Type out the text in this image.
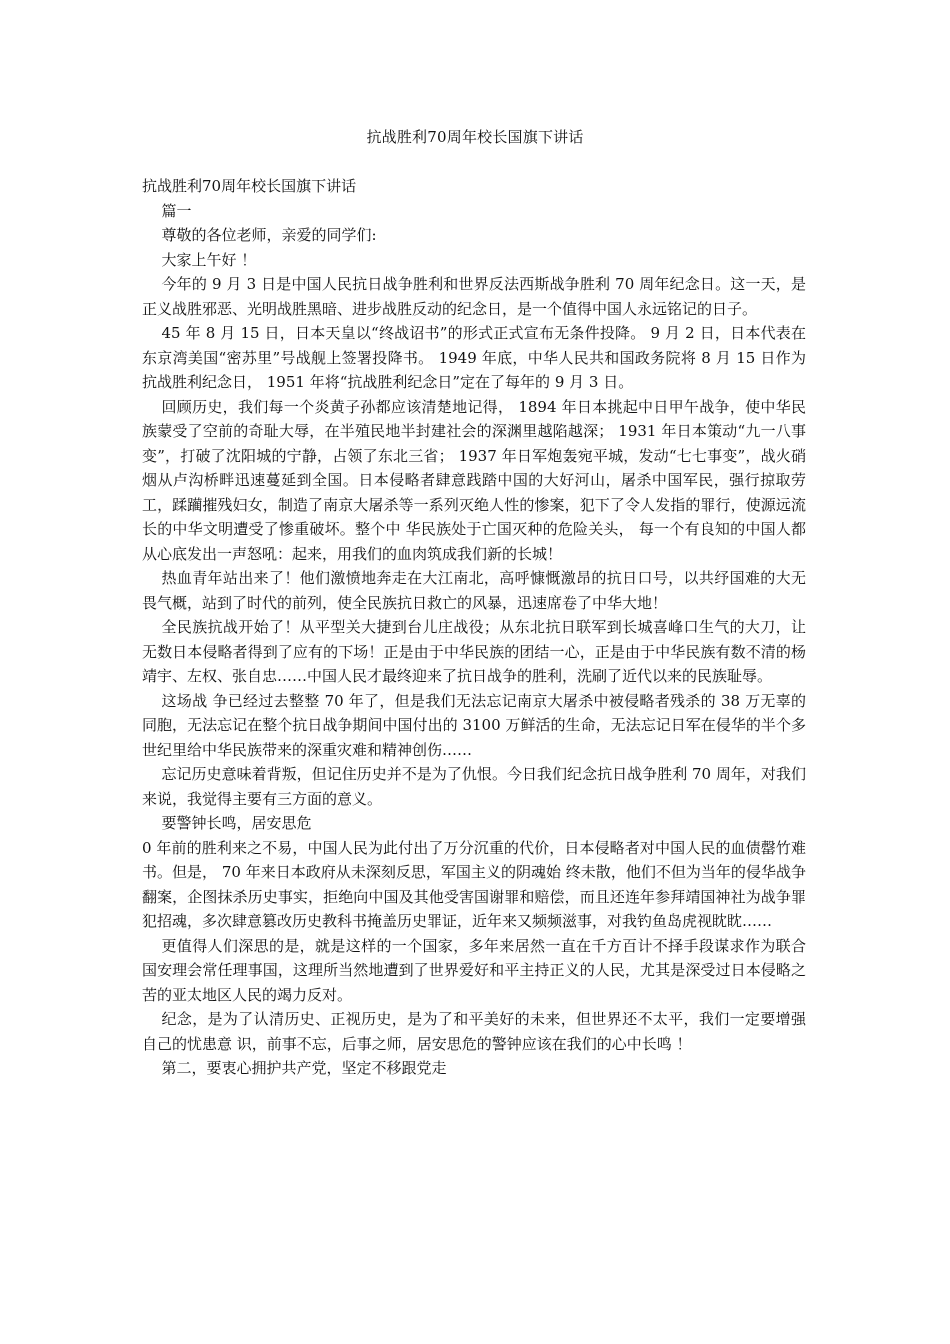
抗战胜利70周年校长国旗下讲话

抗战胜利70周年校长国旗下讲话

篇一

尊敬的各位老师，亲爱的同学们:

大家上午好 ！

今年的 9 月 3 日是中国人民抗日战争胜利和世界反法西斯战争胜利 70 周年纪念日。这一天，是正义战胜邪恶、光明战胜黑暗、进步战胜反动的纪念日，是一个值得中国人永远铭记的日子。

45 年 8 月 15 日，日本天皇以“终战诏书”的形式正式宣布无条件投降。 9 月 2 日，日本代表在东京湾美国“密苏里”号战舰上签署投降书。 1949 年底，中华人民共和国政务院将 8 月 15 日作为抗战胜利纪念日， 1951 年将“抗战胜利纪念日”定在了每年的 9 月 3 日。

回顾历史，我们每一个炎黄子孙都应该清楚地记得， 1894 年日本挑起中日甲午战争，使中华民族蒙受了空前的奇耻大辱，在半殖民地半封建社会的深渊里越陷越深； 1931 年日本策动“九一八事变”，打破了沈阳城的宁静，占领了东北三省； 1937 年日军炮轰宛平城，发动“七七事变”，战火硝烟从卢沟桥畔迅速蔓延到全国。日本侵略者肆意践踏中国的大好河山，屠杀中国军民，强行掠取劳工，蹂躏摧残妇女，制造了南京大屠杀等一系列灭绝人性的惨案，犯下了令人发指的罪行，使源远流长的中华文明遭受了惨重破坏。整个中 华民族处于亡国灭种的危险关头， 每一个有良知的中国人都从心底发出一声怒吼：起来，用我们的血肉筑成我们新的长城！

热血青年站出来了！他们激愤地奔走在大江南北，高呼慷慨激昂的抗日口号，以共纾国难的大无畏气概，站到了时代的前列，使全民族抗日救亡的风暴，迅速席卷了中华大地！

全民族抗战开始了！从平型关大捷到台儿庄战役；从东北抗日联军到长城喜峰口生气的大刀，让无数日本侵略者得到了应有的下场！正是由于中华民族的团结一心，正是由于中华民族有数不清的杨靖宇、左权、张自忠……中国人民才最终迎来了抗日战争的胜利，洗刷了近代以来的民族耻辱。

这场战 争已经过去整整 70 年了，但是我们无法忘记南京大屠杀中被侵略者残杀的 38 万无辜的同胞，无法忘记在整个抗日战争期间中国付出的 3100 万鲜活的生命，无法忘记日军在侵华的半个多世纪里给中华民族带来的深重灾难和精神创伤……

忘记历史意味着背叛，但记住历史并不是为了仇恨。今日我们纪念抗日战争胜利 70 周年，对我们来说，我觉得主要有三方面的意义。

要警钟长鸣，居安思危

0 年前的胜利来之不易，中国人民为此付出了万分沉重的代价，日本侵略者对中国人民的血债罄竹难书。但是， 70 年来日本政府从未深刻反思，军国主义的阴魂始 终未散，他们不但为当年的侵华战争翻案，企图抹杀历史事实，拒绝向中国及其他受害国谢罪和赔偿，而且还连年参拜靖国神社为战争罪犯招魂，多次肆意篡改历史教科书掩盖历史罪证，近年来又频频滋事，对我钓鱼岛虎视眈眈……

更值得人们深思的是，就是这样的一个国家，多年来居然一直在千方百计不择手段谋求作为联合国安理会常任理事国，这理所当然地遭到了世界爱好和平主持正义的人民，尤其是深受过日本侵略之苦的亚太地区人民的竭力反对。

纪念，是为了认清历史、正视历史，是为了和平美好的未来，但世界还不太平，我们一定要增强自己的忧患意 识，前事不忘，后事之师，居安思危的警钟应该在我们的心中长鸣 ！

第二，要衷心拥护共产党，坚定不移跟党走
